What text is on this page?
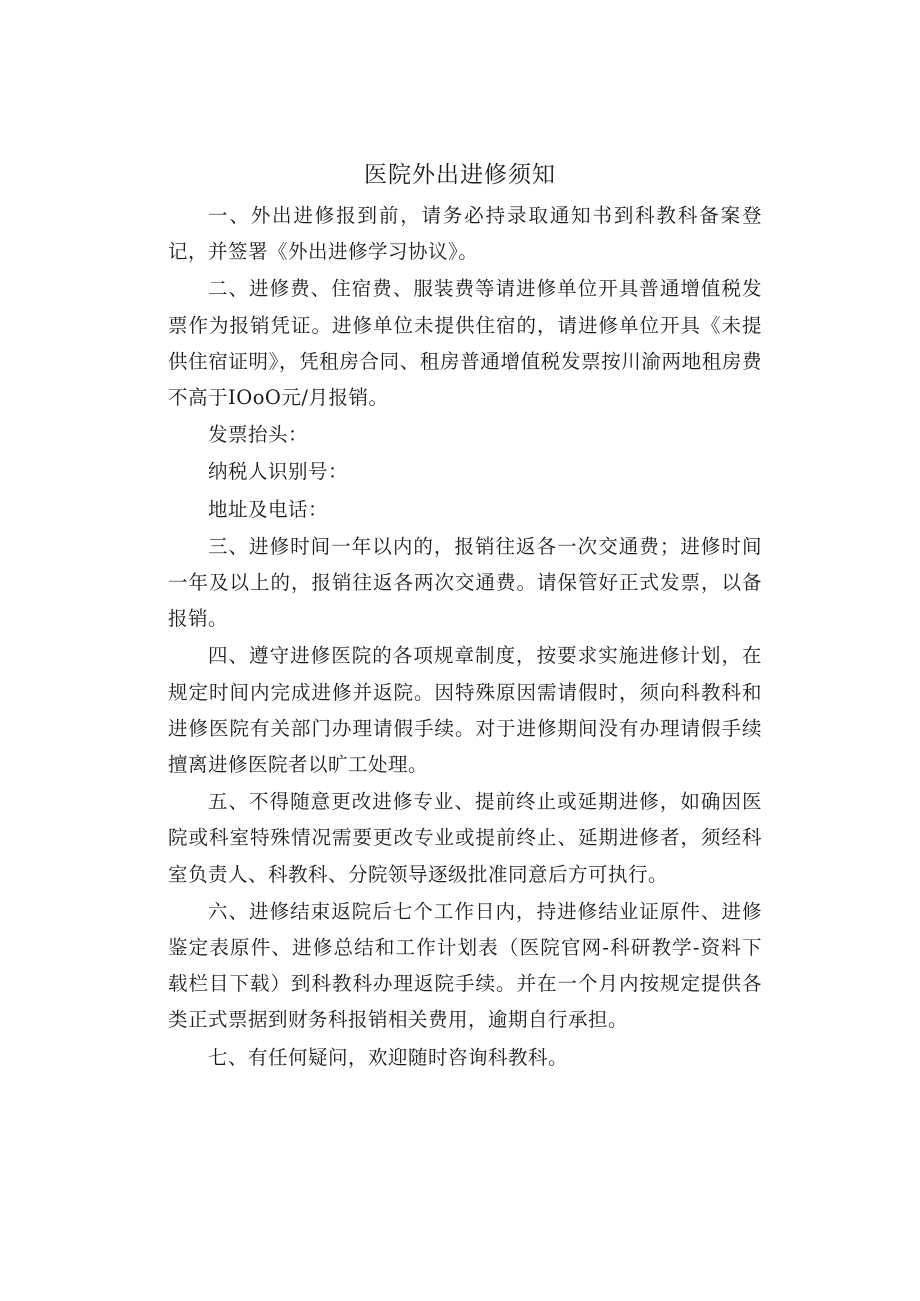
医院外出进修须知

一、外出进修报到前，请务必持录取通知书到科教科备案登记，并签署《外出进修学习协议》。

二、进修费、住宿费、服装费等请进修单位开具普通增值税发票作为报销凭证。进修单位未提供住宿的，请进修单位开具《未提供住宿证明》，凭租房合同、租房普通增值税发票按川渝两地租房费不高于IOoO元/月报销。

发票抬头：

纳税人识别号：

地址及电话：

三、进修时间一年以内的，报销往返各一次交通费；进修时间一年及以上的，报销往返各两次交通费。请保管好正式发票，以备报销。

四、遵守进修医院的各项规章制度，按要求实施进修计划，在规定时间内完成进修并返院。因特殊原因需请假时，须向科教科和进修医院有关部门办理请假手续。对于进修期间没有办理请假手续擅离进修医院者以旷工处理。

五、不得随意更改进修专业、提前终止或延期进修，如确因医院或科室特殊情况需要更改专业或提前终止、延期进修者，须经科室负责人、科教科、分院领导逐级批准同意后方可执行。

六、进修结束返院后七个工作日内，持进修结业证原件、进修鉴定表原件、进修总结和工作计划表（医院官网-科研教学-资料下载栏目下载）到科教科办理返院手续。并在一个月内按规定提供各类正式票据到财务科报销相关费用，逾期自行承担。

七、有任何疑问，欢迎随时咨询科教科。
